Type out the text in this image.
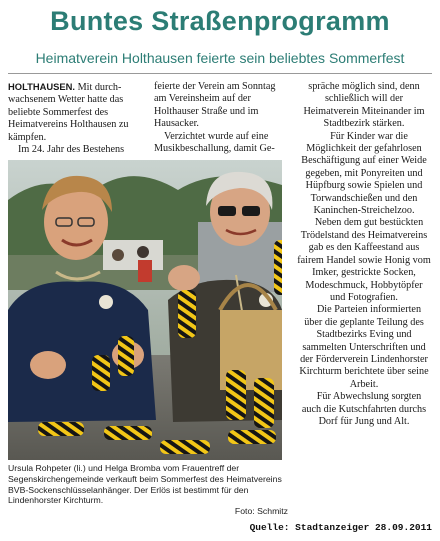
Buntes Straßenprogramm
Heimatverein Holthausen feierte sein beliebtes Sommerfest

HOLTHAUSEN. Mit durch-wachsenem Wetter hatte das beliebte Sommerfest des Heimatvereins Holthausen zu kämpfen.

Im 24. Jahr des Bestehens

feierte der Verein am Sonntag am Vereinsheim auf der Holthauser Straße und im Hausacker.

Verzichtet wurde auf eine Musikbeschallung, damit Ge-

spräche möglich sind, denn schließlich will der Heimatverein Miteinander im Stadtbezirk stärken.

Für Kinder war die Möglichkeit der gefahrlosen Beschäftigung auf einer Weide gegeben, mit Ponyreiten und Hüpfburg sowie Spielen und Torwandschießen und den Kaninchen-Streichelzoo.

Neben dem gut bestückten Trödelstand des Heimatvereins gab es den Kaffeestand aus fairem Handel sowie Honig vom Imker, gestrickte Socken, Modeschmuck, Hobbytöpfer und Fotografien.

Die Parteien informierten über die geplante Teilung des Stadtbezirks Eving und sammelten Unterschriften und der Förderverein Lindenhorster Kirchturm berichtete über seine Arbeit.

Für Abwechslung sorgten auch die Kutschfahrten durchs Dorf für Jung und Alt.

Ursula Rohpeter (li.) und Helga Bromba vom Frauentreff der Segenskirchengemeinde verkauft beim Sommerfest des Heimatvereins BVB-Sockenschlüsselanhänger. Der Erlös ist bestimmt für den Lindenhorster Kirchturm.
Foto: Schmitz
Quelle: Stadtanzeiger 28.09.2011
